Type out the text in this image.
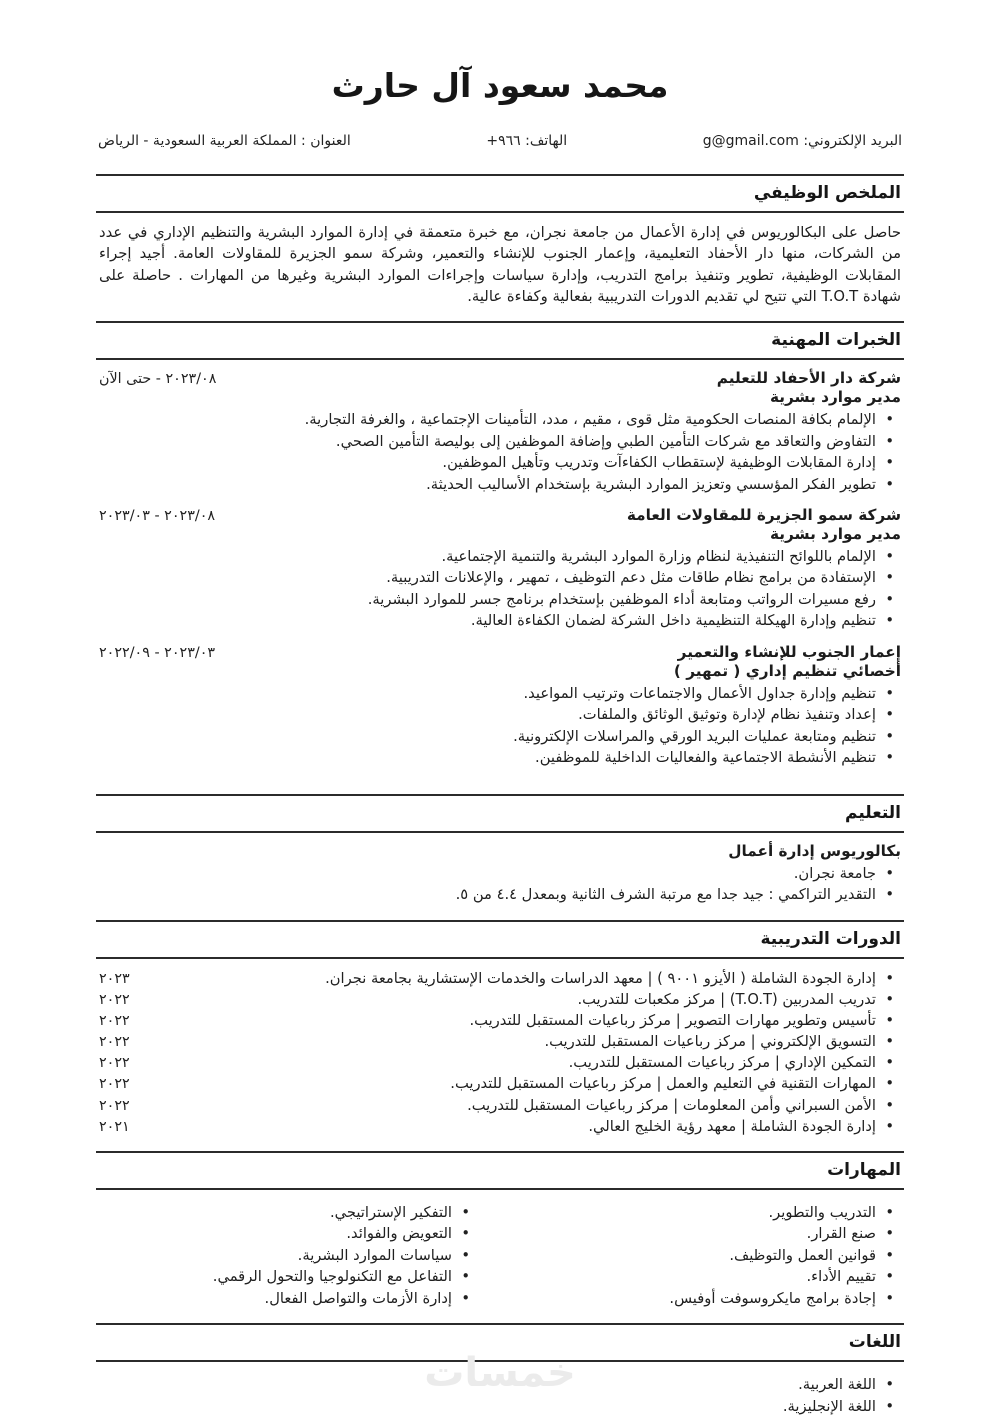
محمد سعود آل حارث
البريد الإلكتروني: g@gmail.com
الهاتف: +٩٦٦
العنوان : المملكة العربية السعودية - الرياض
الملخص الوظيفي

حاصل على البكالوريوس في إدارة الأعمال من جامعة نجران، مع خبرة متعمقة في إدارة الموارد البشرية والتنظيم الإداري في عدد من الشركات، منها دار الأحفاد التعليمية، وإعمار الجنوب للإنشاء والتعمير، وشركة سمو الجزيرة للمقاولات العامة. أجيد إجراء المقابلات الوظيفية، تطوير وتنفيذ برامج التدريب، وإدارة سياسات وإجراءات الموارد البشرية وغيرها من المهارات . حاصلة على شهادة T.O.T التي تتيح لي تقديم الدورات التدريبية بفعالية وكفاءة عالية.

الخبرات المهنية
شركة دار الأحفاد للتعليم
٢٠٢٣/٠٨ - حتى الآن
مدير موارد بشرية
• الإلمام بكافة المنصات الحكومية مثل قوى ، مقيم ، مدد، التأمينات الإجتماعية ، والغرفة التجارية.
• التفاوض والتعاقد مع شركات التأمين الطبي وإضافة الموظفين إلى بوليصة التأمين الصحي.
• إدارة المقابلات الوظيفية لإستقطاب الكفاءآت وتدريب وتأهيل الموظفين.
• تطوير الفكر المؤسسي وتعزيز الموارد البشرية بإستخدام الأساليب الحديثة.
شركة سمو الجزيرة للمقاولات العامة
٢٠٢٣/٠٨ - ٢٠٢٣/٠٣
مدير موارد بشرية
• الإلمام باللوائح التنفيذية لنظام وزارة الموارد البشرية والتنمية الإجتماعية.
• الإستفادة من برامج نظام طاقات مثل دعم التوظيف ، تمهير ، والإعلانات التدريبية.
• رفع مسيرات الرواتب ومتابعة أداء الموظفين بإستخدام برنامج جسر للموارد البشرية.
• تنظيم وإدارة الهيكلة التنظيمية داخل الشركة لضمان الكفاءة العالية.
إعمار الجنوب للإنشاء والتعمير
٢٠٢٣/٠٣ - ٢٠٢٢/٠٩
أخصائي تنظيم إداري ( تمهير )
• تنظيم وإدارة جداول الأعمال والاجتماعات وترتيب المواعيد.
• إعداد وتنفيذ نظام لإدارة وتوثيق الوثائق والملفات.
• تنظيم ومتابعة عمليات البريد الورقي والمراسلات الإلكترونية.
• تنظيم الأنشطة الاجتماعية والفعاليات الداخلية للموظفين.
التعليم
بكالوريوس إدارة أعمال
• جامعة نجران.
• التقدير التراكمي : جيد جدا مع مرتبة الشرف الثانية وبمعدل ٤.٤ من ٥.
الدورات التدريبية
• إدارة الجودة الشاملة ( الأيزو ٩٠٠١ ) | معهد الدراسات والخدمات الإستشارية بجامعة نجران.
٢٠٢٣
• تدريب المدربين (T.O.T) | مركز مكعبات للتدريب.
٢٠٢٢
• تأسيس وتطوير مهارات التصوير | مركز رباعيات المستقبل للتدريب.
٢٠٢٢
• التسويق الإلكتروني | مركز رباعيات المستقبل للتدريب.
٢٠٢٢
• التمكين الإداري | مركز رباعيات المستقبل للتدريب.
٢٠٢٢
• المهارات التقنية في التعليم والعمل | مركز رباعيات المستقبل للتدريب.
٢٠٢٢
• الأمن السبراني وأمن المعلومات | مركز رباعيات المستقبل للتدريب.
٢٠٢٢
• إدارة الجودة الشاملة | معهد رؤية الخليج العالي.
٢٠٢١
المهارات
• التدريب والتطوير.
• صنع القرار.
• قوانين العمل والتوظيف.
• تقييم الأداء.
• إجادة برامج مايكروسوفت أوفيس.
• التفكير الإستراتيجي.
• التعويض والفوائد.
• سياسات الموارد البشرية.
• التفاعل مع التكنولوجيا والتحول الرقمي.
• إدارة الأزمات والتواصل الفعال.
اللغات
• اللغة العربية.
• اللغة الإنجليزية.
خمسات
